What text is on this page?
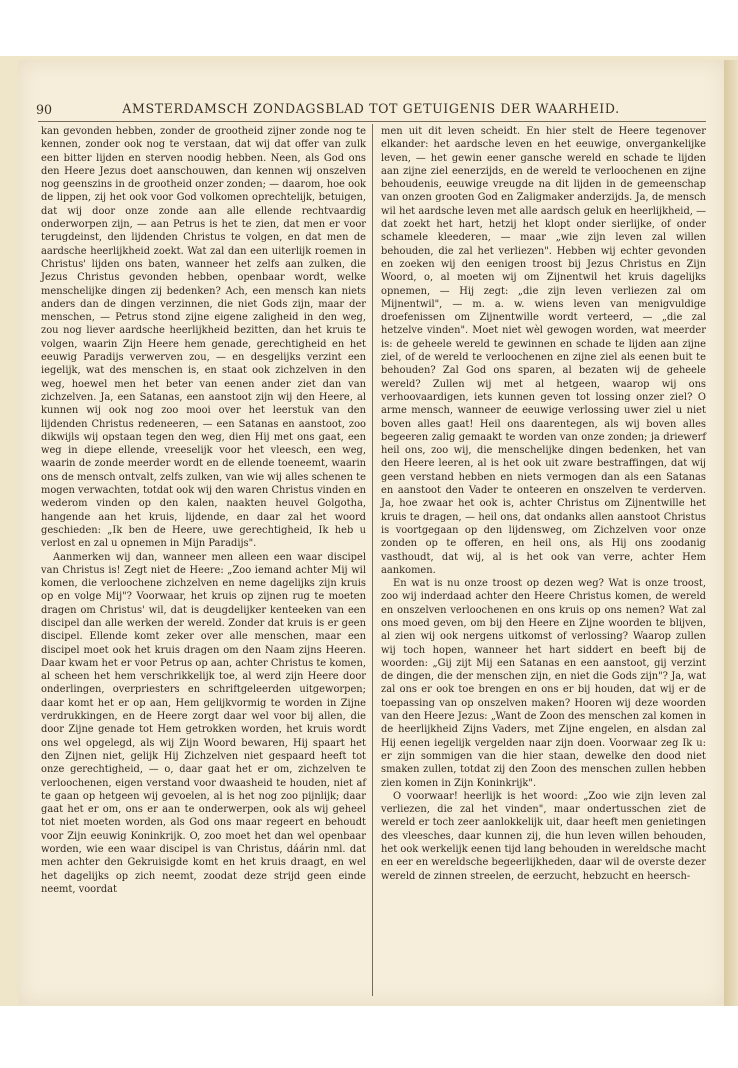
90	AMSTERDAMSCH ZONDAGSBLAD TOT GETUIGENIS DER WAARHEID.

kan gevonden hebben, zonder de grootheid zijner zonde nog te kennen, zonder ook nog te verstaan, dat wij dat offer van zulk een bitter lijden en sterven noodig hebben. Neen, als God ons den Heere Jezus doet aanschouwen, dan kennen wij onszelven nog geenszins in de grootheid onzer zonden; — daarom, hoe ook de lippen, zij het ook voor God volkomen oprechtelijk, betuigen, dat wij door onze zonde aan alle ellende rechtvaardig onderworpen zijn, — aan Petrus is het te zien, dat men er voor terugdeinst, den lijdenden Christus te volgen, en dat men de aardsche heerlijkheid zoekt. Wat zal dan een uiterlijk roemen in Christus' lijden ons baten, wanneer het zelfs aan zulken, die Jezus Christus gevonden hebben, openbaar wordt, welke menschelijke dingen zij bedenken? Ach, een mensch kan niets anders dan de dingen verzinnen, die niet Gods zijn, maar der menschen, — Petrus stond zijne eigene zaligheid in den weg, zou nog liever aardsche heerlijkheid bezitten, dan het kruis te volgen, waarin Zijn Heere hem genade, gerechtigheid en het eeuwig Paradijs verwerven zou, — en desgelijks verzint een iegelijk, wat des menschen is, en staat ook zichzelven in den weg, hoewel men het beter van eenen ander ziet dan van zichzelven. Ja, een Satanas, een aanstoot zijn wij den Heere, al kunnen wij ook nog zoo mooi over het leerstuk van den lijdenden Christus redeneeren, — een Satanas en aanstoot, zoo dikwijls wij opstaan tegen den weg, dien Hij met ons gaat, een weg in diepe ellende, vreeselijk voor het vleesch, een weg, waarin de zonde meerder wordt en de ellende toeneemt, waarin ons de mensch ontvalt, zelfs zulken, van wie wij alles schenen te mogen verwachten, totdat ook wij den waren Christus vinden en wederom vinden op den kalen, naakten heuvel Golgotha, hangende aan het kruis, lijdende, en daar zal het woord geschieden: „Ik ben de Heere, uwe gerechtigheid, Ik heb u verlost en zal u opnemen in Mijn Paradijs".

Aanmerken wij dan, wanneer men alleen een waar discipel van Christus is! Zegt niet de Heere: „Zoo iemand achter Mij wil komen, die verloochene zichzelven en neme dagelijks zijn kruis op en volge Mij"? Voorwaar, het kruis op zijnen rug te moeten dragen om Christus' wil, dat is deugdelijker kenteeken van een discipel dan alle werken der wereld. Zonder dat kruis is er geen discipel. Ellende komt zeker over alle menschen, maar een discipel moet ook het kruis dragen om den Naam zijns Heeren. Daar kwam het er voor Petrus op aan, achter Christus te komen, al scheen het hem verschrikkelijk toe, al werd zijn Heere door onderlingen, overpriesters en schriftgeleerden uitgeworpen; daar komt het er op aan, Hem gelijkvormig te worden in Zijne verdrukkingen, en de Heere zorgt daar wel voor bij allen, die door Zijne genade tot Hem getrokken worden, het kruis wordt ons wel opgelegd, als wij Zijn Woord bewaren, Hij spaart het den Zijnen niet, gelijk Hij Zichzelven niet gespaard heeft tot onze gerechtigheid, — o, daar gaat het er om, zichzelven te verloochenen, eigen verstand voor dwaasheid te houden, niet af te gaan op hetgeen wij gevoelen, al is het nog zoo pijnlijk; daar gaat het er om, ons er aan te onderwerpen, ook als wij geheel tot niet moeten worden, als God ons maar regeert en behoudt voor Zijn eeuwig Koninkrijk. O, zoo moet het dan wel openbaar worden, wie een waar discipel is van Christus, dáárin nml. dat men achter den Gekruisigde komt en het kruis draagt, en wel het dagelijks op zich neemt, zoodat deze strijd geen einde neemt, voordat

men uit dit leven scheidt. En hier stelt de Heere tegenover elkander: het aardsche leven en het eeuwige, onvergankelijke leven, — het gewin eener gansche wereld en schade te lijden aan zijne ziel eenerzijds, en de wereld te verloochenen en zijne behoudenis, eeuwige vreugde na dit lijden in de gemeenschap van onzen grooten God en Zaligmaker anderzijds. Ja, de mensch wil het aardsche leven met alle aardsch geluk en heerlijkheid, — dat zoekt het hart, hetzij het klopt onder sierlijke, of onder schamele kleederen, — maar „wie zijn leven zal willen behouden, die zal het verliezen". Hebben wij echter gevonden en zoeken wij den eenigen troost bij Jezus Christus en Zijn Woord, o, al moeten wij om Zijnentwil het kruis dagelijks opnemen, — Hij zegt: „die zijn leven verliezen zal om Mijnentwil", — m. a. w. wiens leven van menigvuldige droefenissen om Zijnentwille wordt verteerd, — „die zal hetzelve vinden". Moet niet wèl gewogen worden, wat meerder is: de geheele wereld te gewinnen en schade te lijden aan zijne ziel, of de wereld te verloochenen en zijne ziel als eenen buit te behouden? Zal God ons sparen, al bezaten wij de geheele wereld? Zullen wij met al hetgeen, waarop wij ons verhoovaardigen, iets kunnen geven tot lossing onzer ziel? O arme mensch, wanneer de eeuwige verlossing uwer ziel u niet boven alles gaat! Heil ons daarentegen, als wij boven alles begeeren zalig gemaakt te worden van onze zonden; ja driewerf heil ons, zoo wij, die menschelijke dingen bedenken, het van den Heere leeren, al is het ook uit zware bestraffingen, dat wij geen verstand hebben en niets vermogen dan als een Satanas en aanstoot den Vader te onteeren en onszelven te verderven. Ja, hoe zwaar het ook is, achter Christus om Zijnentwille het kruis te dragen, — heil ons, dat ondanks allen aanstoot Christus is voortgegaan op den lijdensweg, om Zichzelven voor onze zonden op te offeren, en heil ons, als Hij ons zoodanig vasthoudt, dat wij, al is het ook van verre, achter Hem aankomen.

En wat is nu onze troost op dezen weg? Wat is onze troost, zoo wij inderdaad achter den Heere Christus komen, de wereld en onszelven verloochenen en ons kruis op ons nemen? Wat zal ons moed geven, om bij den Heere en Zijne woorden te blijven, al zien wij ook nergens uitkomst of verlossing? Waarop zullen wij toch hopen, wanneer het hart siddert en beeft bij de woorden: „Gij zijt Mij een Satanas en een aanstoot, gij verzint de dingen, die der menschen zijn, en niet die Gods zijn"? Ja, wat zal ons er ook toe brengen en ons er bij houden, dat wij er de toepassing van op onszelven maken? Hooren wij deze woorden van den Heere Jezus: „Want de Zoon des menschen zal komen in de heerlijkheid Zijns Vaders, met Zijne engelen, en alsdan zal Hij eenen iegelijk vergelden naar zijn doen. Voorwaar zeg Ik u: er zijn sommigen van die hier staan, dewelke den dood niet smaken zullen, totdat zij den Zoon des menschen zullen hebben zien komen in Zijn Koninkrijk".

O voorwaar! heerlijk is het woord: „Zoo wie zijn leven zal verliezen, die zal het vinden", maar ondertusschen ziet de wereld er toch zeer aanlokkelijk uit, daar heeft men genietingen des vleesches, daar kunnen zij, die hun leven willen behouden, het ook werkelijk eenen tijd lang behouden in wereldsche macht en eer en wereldsche begeerlijkheden, daar wil de overste dezer wereld de zinnen streelen, de eerzucht, hebzucht en heersch-
